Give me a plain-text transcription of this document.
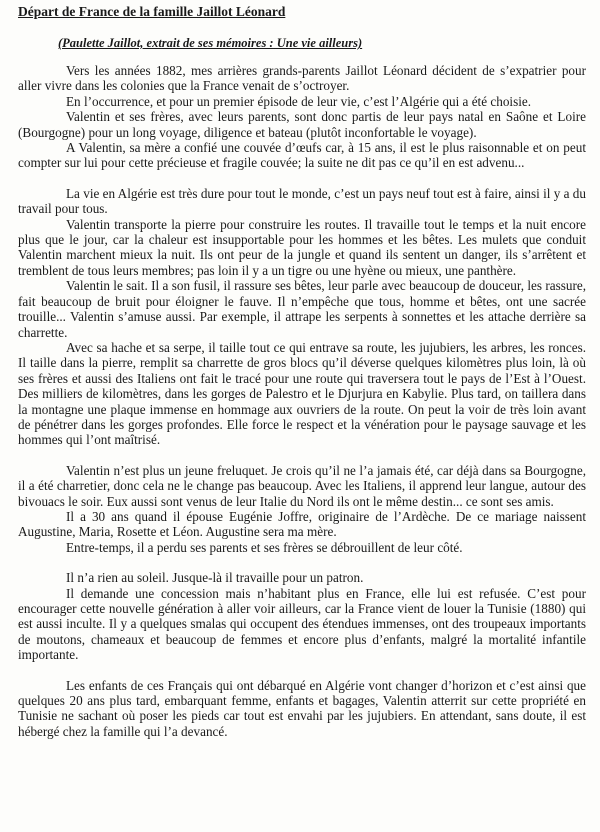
Départ de France de la famille Jaillot Léonard
(Paulette Jaillot, extrait de ses mémoires : Une vie ailleurs)

Vers les années 1882, mes arrières grands-parents Jaillot Léonard décident de s’expatrier pour aller vivre dans les colonies que la France venait de s’octroyer.

En l’occurrence, et pour un premier épisode de leur vie, c’est l’Algérie qui a été choisie.

Valentin et ses frères, avec leurs parents, sont donc partis de leur pays natal en Saône et Loire (Bourgogne) pour un long voyage, diligence et bateau (plutôt inconfortable le voyage).

A Valentin, sa mère a confié une couvée d’œufs car, à 15 ans, il est le plus raisonnable et on peut compter sur lui pour cette précieuse et fragile couvée; la suite ne dit pas ce qu’il en est advenu...

La vie en Algérie est très dure pour tout le monde, c’est un pays neuf tout est à faire, ainsi il y a du travail pour tous.

Valentin transporte la pierre pour construire les routes. Il travaille tout le temps et la nuit encore plus que le jour, car la chaleur est insupportable pour les hommes et les bêtes. Les mulets que conduit Valentin marchent mieux la nuit. Ils ont peur de la jungle et quand ils sentent un danger, ils s’arrêtent et tremblent de tous leurs membres; pas loin il y a un tigre ou une hyène ou mieux, une panthère.

Valentin le sait. Il a son fusil, il rassure ses bêtes, leur parle avec beaucoup de douceur, les rassure, fait beaucoup de bruit pour éloigner le fauve. Il n’empêche que tous, homme et bêtes, ont une sacrée trouille... Valentin s’amuse aussi. Par exemple, il attrape les serpents à sonnettes et les attache derrière sa charrette.

Avec sa hache et sa serpe, il taille tout ce qui entrave sa route, les jujubiers, les arbres, les ronces. Il taille dans la pierre, remplit sa charrette de gros blocs qu’il déverse quelques kilomètres plus loin, là où ses frères et aussi des Italiens ont fait le tracé pour une route qui traversera tout le pays de l’Est à l’Ouest. Des milliers de kilomètres, dans les gorges de Palestro et le Djurjura en Kabylie. Plus tard, on taillera dans la montagne une plaque immense en hommage aux ouvriers de la route. On peut la voir de très loin avant de pénétrer dans les gorges profondes. Elle force le respect et la vénération pour le paysage sauvage et les hommes qui l’ont maîtrisé.

Valentin n’est plus un jeune freluquet. Je crois qu’il ne l’a jamais été, car déjà dans sa Bourgogne, il a été charretier, donc cela ne le change pas beaucoup. Avec les Italiens, il apprend leur langue, autour des bivouacs le soir. Eux aussi sont venus de leur Italie du Nord ils ont le même destin... ce sont ses amis.

Il a 30 ans quand il épouse Eugénie Joffre, originaire de l’Ardèche. De ce mariage naissent Augustine, Maria, Rosette et Léon. Augustine sera ma mère.

Entre-temps, il a perdu ses parents et ses frères se débrouillent de leur côté.

Il n’a rien au soleil. Jusque-là il travaille pour un patron.

Il demande une concession mais n’habitant plus en France, elle lui est refusée. C’est pour encourager cette nouvelle génération à aller voir ailleurs, car la France vient de louer la Tunisie (1880) qui est aussi inculte. Il y a quelques smalas qui occupent des étendues immenses, ont des troupeaux importants de moutons, chameaux et beaucoup de femmes et encore plus d’enfants, malgré la mortalité infantile importante.

Les enfants de ces Français qui ont débarqué en Algérie vont changer d’horizon et c’est ainsi que quelques 20 ans plus tard, embarquant femme, enfants et bagages, Valentin atterrit sur cette propriété en Tunisie ne sachant où poser les pieds car tout est envahi par les jujubiers. En attendant, sans doute, il est hébergé chez la famille qui l’a devancé.
